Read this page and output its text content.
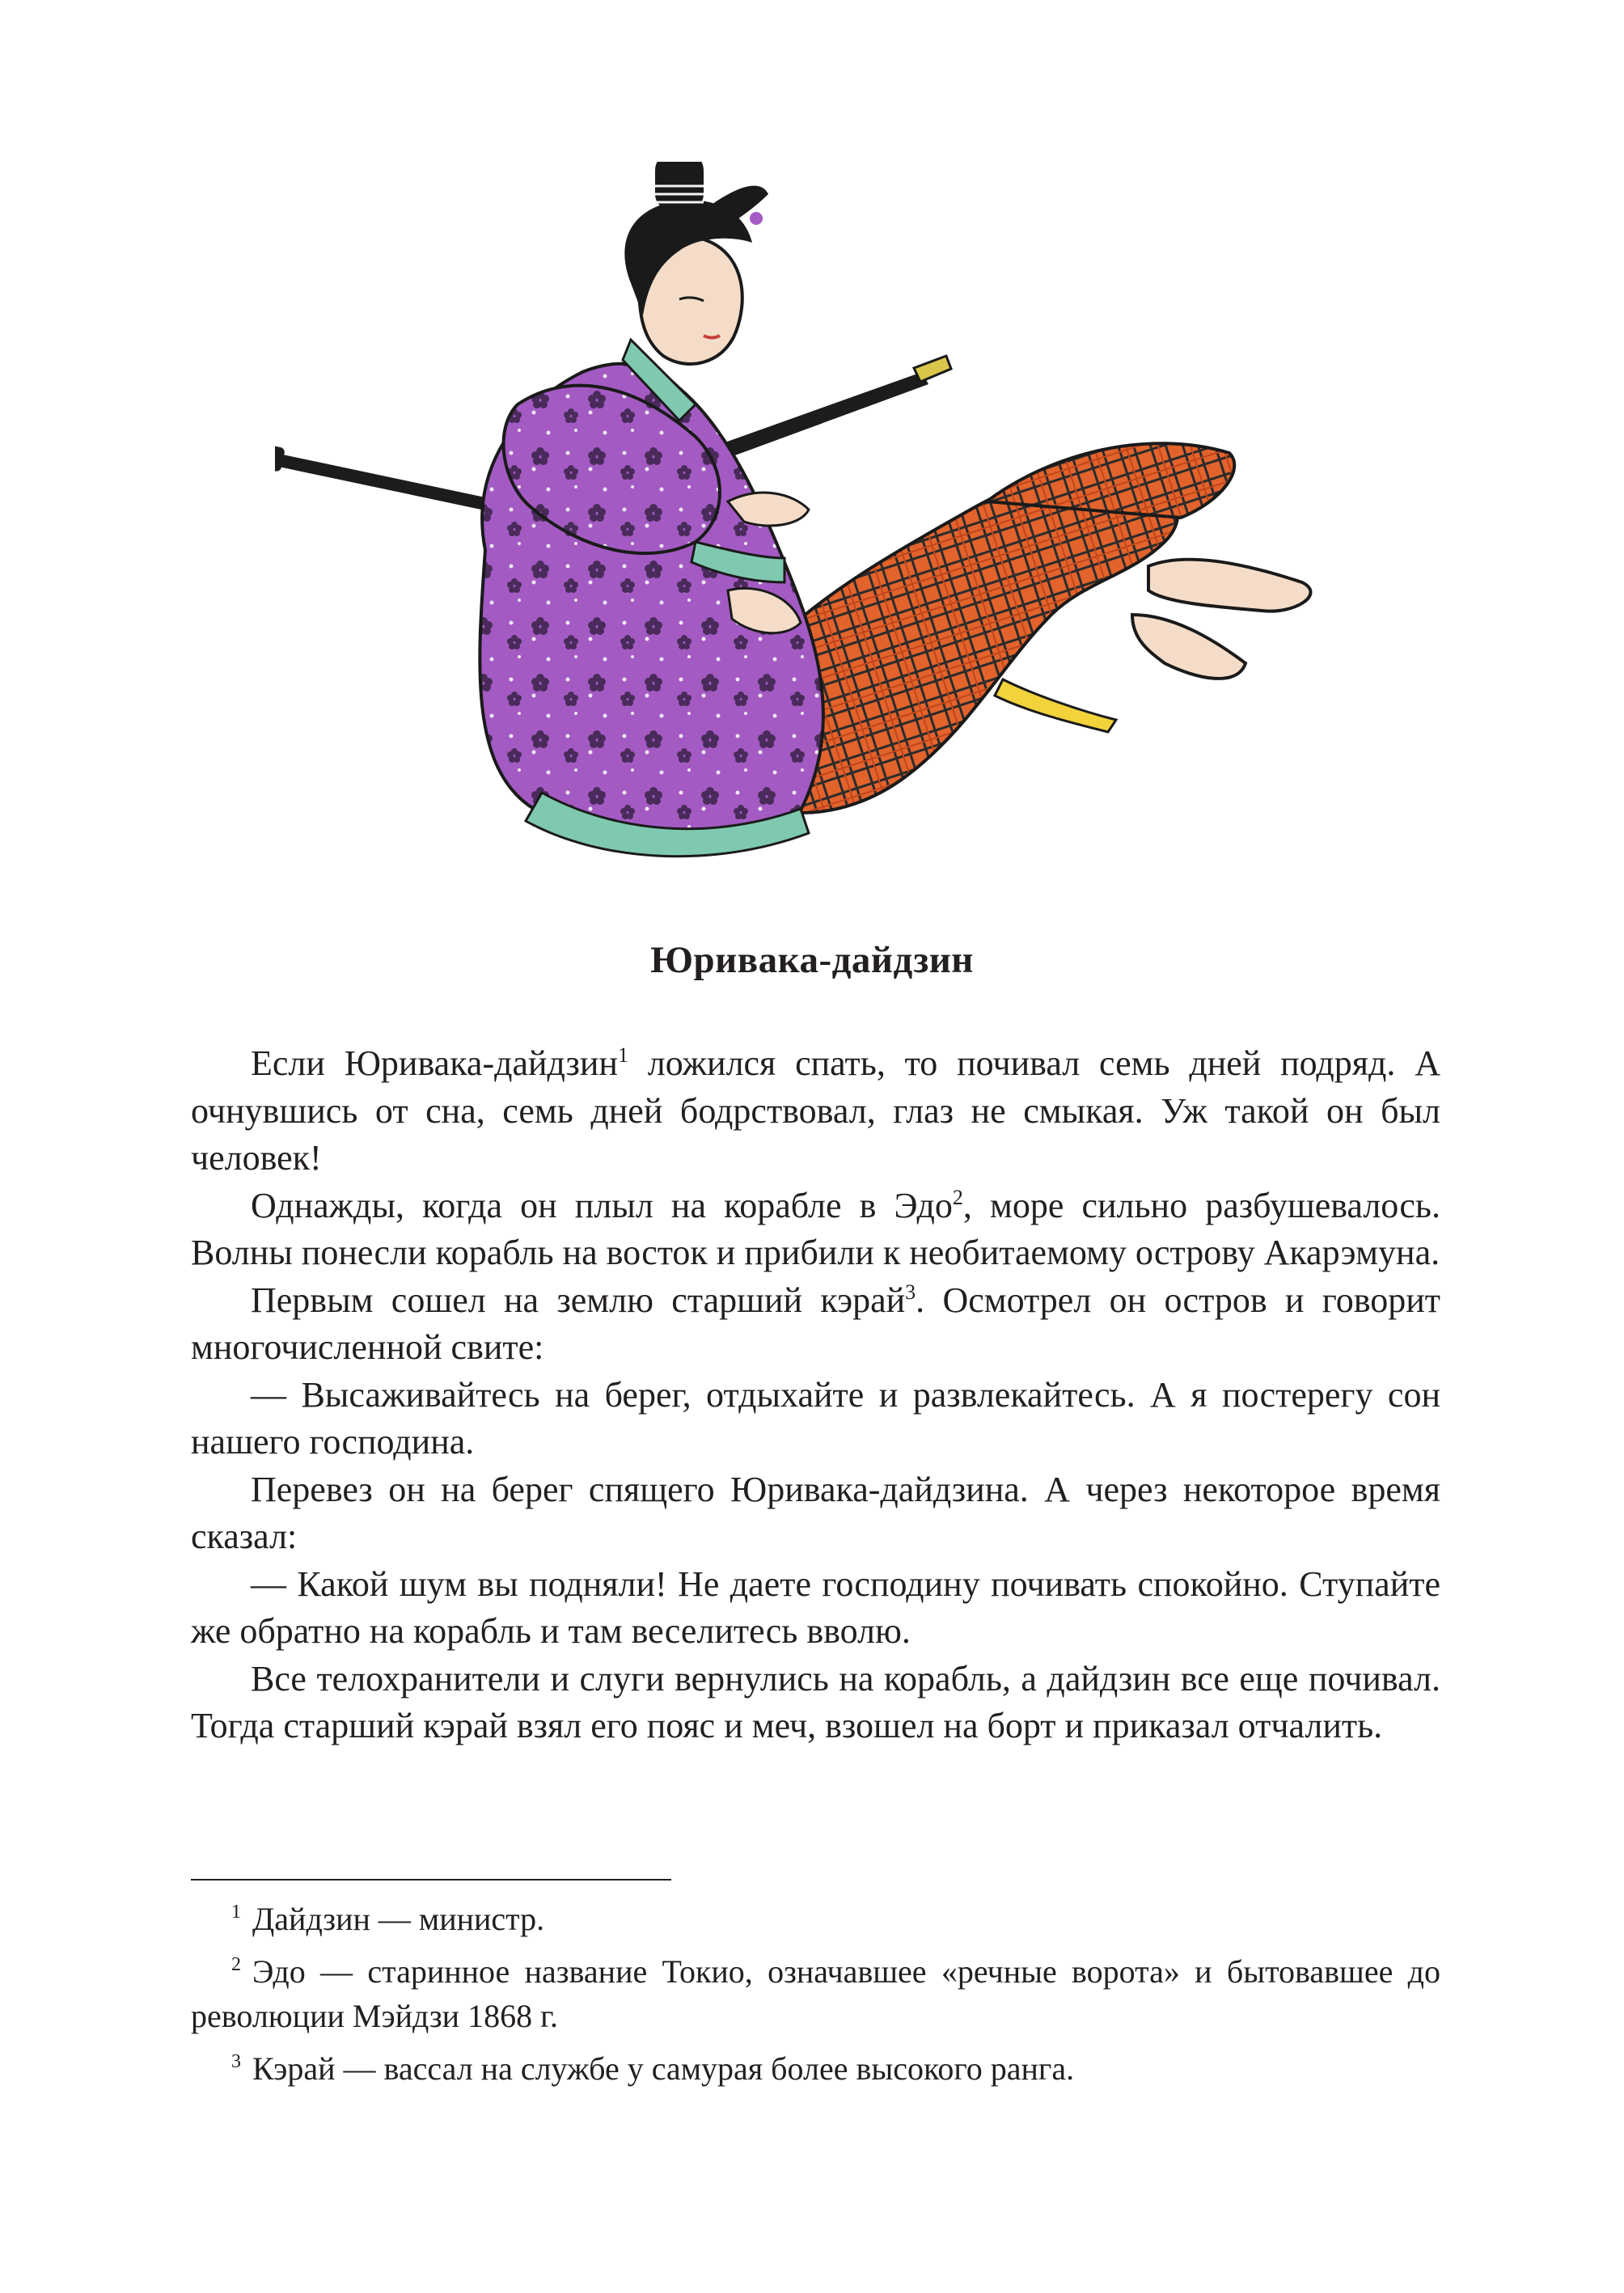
Юривака-дайдзин

Если Юривака-дайдзин$^1$ ложился спать, то почивал семь дней подряд. А очнувшись от сна, семь дней бодрствовал, глаз не смыкая. Уж такой он был человек!

Однажды, когда он плыл на корабле в Эдо$^2$, море сильно разбушевалось. Волны понесли корабль на восток и прибили к необитаемому острову Акарэмуна.

Первым сошел на землю старший кэрай$^3$. Осмотрел он остров и говорит многочисленной свите:

— Высаживайтесь на берег, отдыхайте и развлекайтесь. А я постерегу сон нашего господина.

Перевез он на берег спящего Юривака-дайдзина. А через некоторое время сказал:

— Какой шум вы подняли! Не даете господину почивать спокойно. Ступайте же обратно на корабль и там веселитесь вволю.

Все телохранители и слуги вернулись на корабль, а дайдзин все еще почивал. Тогда старший кэрай взял его пояс и меч, взошел на борт и приказал отчалить.

$^1$ Дайдзин — министр.

$^2$ Эдо — старинное название Токио, означавшее «речные ворота» и бытовавшее до революции Мэйдзи 1868 г.

$^3$ Кэрай — вассал на службе у самурая более высокого ранга.
